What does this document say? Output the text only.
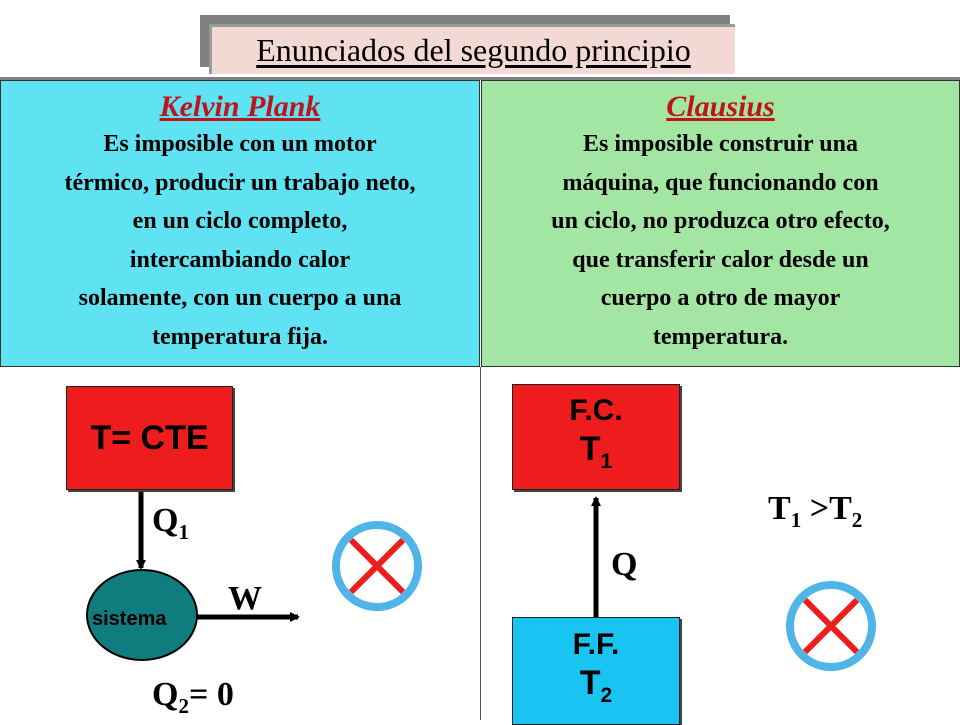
Enunciados del segundo principio
Kelvin Plank
Es imposible con un motor
térmico, producir un trabajo neto,
en un ciclo completo,
intercambiando calor
solamente, con un cuerpo a una
temperatura fija.
Clausius
Es imposible construir una
máquina, que funcionando con
un ciclo, no produzca otro efecto,
que transferir calor desde un
cuerpo a otro de mayor
temperatura.
T= CTE
$Q_1$
sistema
W
$Q_2= 0$
F.C.
$T_1$
F.F.
$T_2$
Q
$T_1 >T_2$
